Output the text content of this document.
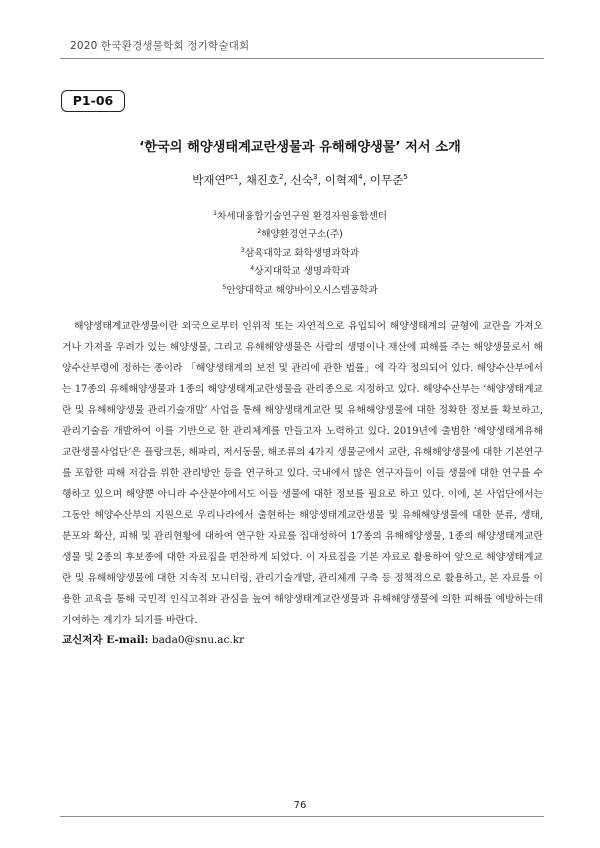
2020 한국환경생물학회 정기학술대회
P1-06
‘한국의 해양생태계교란생물과 유해해양생물’ 저서 소개
박재연$^{pc1}$, 채진호$^2$, 신숙$^3$, 이혁제$^4$, 이무준$^5$
$^1$차세대융합기술연구원 환경자원융합센터
$^2$해양환경연구소(주)
$^3$삼육대학교 화학생명과학과
$^4$상지대학교 생명과학과
$^5$안양대학교 해양바이오시스템공학과

해양생태계교란생물이란 외국으로부터 인위적 또는 자연적으로 유입되어 해양생태계의 균형에 교란을 가져오거나 가져올 우려가 있는 해양생물, 그리고 유해해양생물은 사람의 생명이나 재산에 피해를 주는 해양생물로서 해양수산부령에 정하는 종이라 「해양생태계의 보전 및 관리에 관한 법률」에 각각 정의되어 있다. 해양수산부에서는 17종의 유해해양생물과 1종의 해양생태계교란생물을 관리종으로 지정하고 있다. 해양수산부는 ‘해양생태계교란 및 유해해양생물 관리기술개발’ 사업을 통해 해양생태계교란 및 유해해양생물에 대한 정확한 정보를 확보하고, 관리기술을 개발하여 이를 기반으로 한 관리체계를 만들고자 노력하고 있다. 2019년에 출범한 ‘해양생태계유해교란생물사업단’은 플랑크톤, 해파리, 저서동물, 해조류의 4가지 생물군에서 교란, 유해해양생물에 대한 기본연구를 포함한 피해 저감을 위한 관리방안 등을 연구하고 있다. 국내에서 많은 연구자들이 이들 생물에 대한 연구를 수행하고 있으며 해양뿐 아니라 수산분야에서도 이들 생물에 대한 정보를 필요로 하고 있다. 이에, 본 사업단에서는 그동안 해양수산부의 지원으로 우리나라에서 출현하는 해양생태계교란생물 및 유해해양생물에 대한 분류, 생태, 분포와 확산, 피해 및 관리현황에 대하여 연구한 자료를 집대성하여 17종의 유해해양생물, 1종의 해양생태계교란생물 및 2종의 후보종에 대한 자료집을 편찬하게 되었다. 이 자료집을 기본 자료로 활용하여 앞으로 해양생태계교란 및 유해해양생물에 대한 지속적 모니터링, 관리기술개발, 관리체계 구축 등 정책적으로 활용하고, 본 자료를 이용한 교육을 통해 국민적 인식고취와 관심을 높여 해양생태계교란생물과 유해해양생물에 의한 피해를 예방하는데 기여하는 계기가 되기를 바란다.

교신저자 E-mail: bada0@snu.ac.kr
76
